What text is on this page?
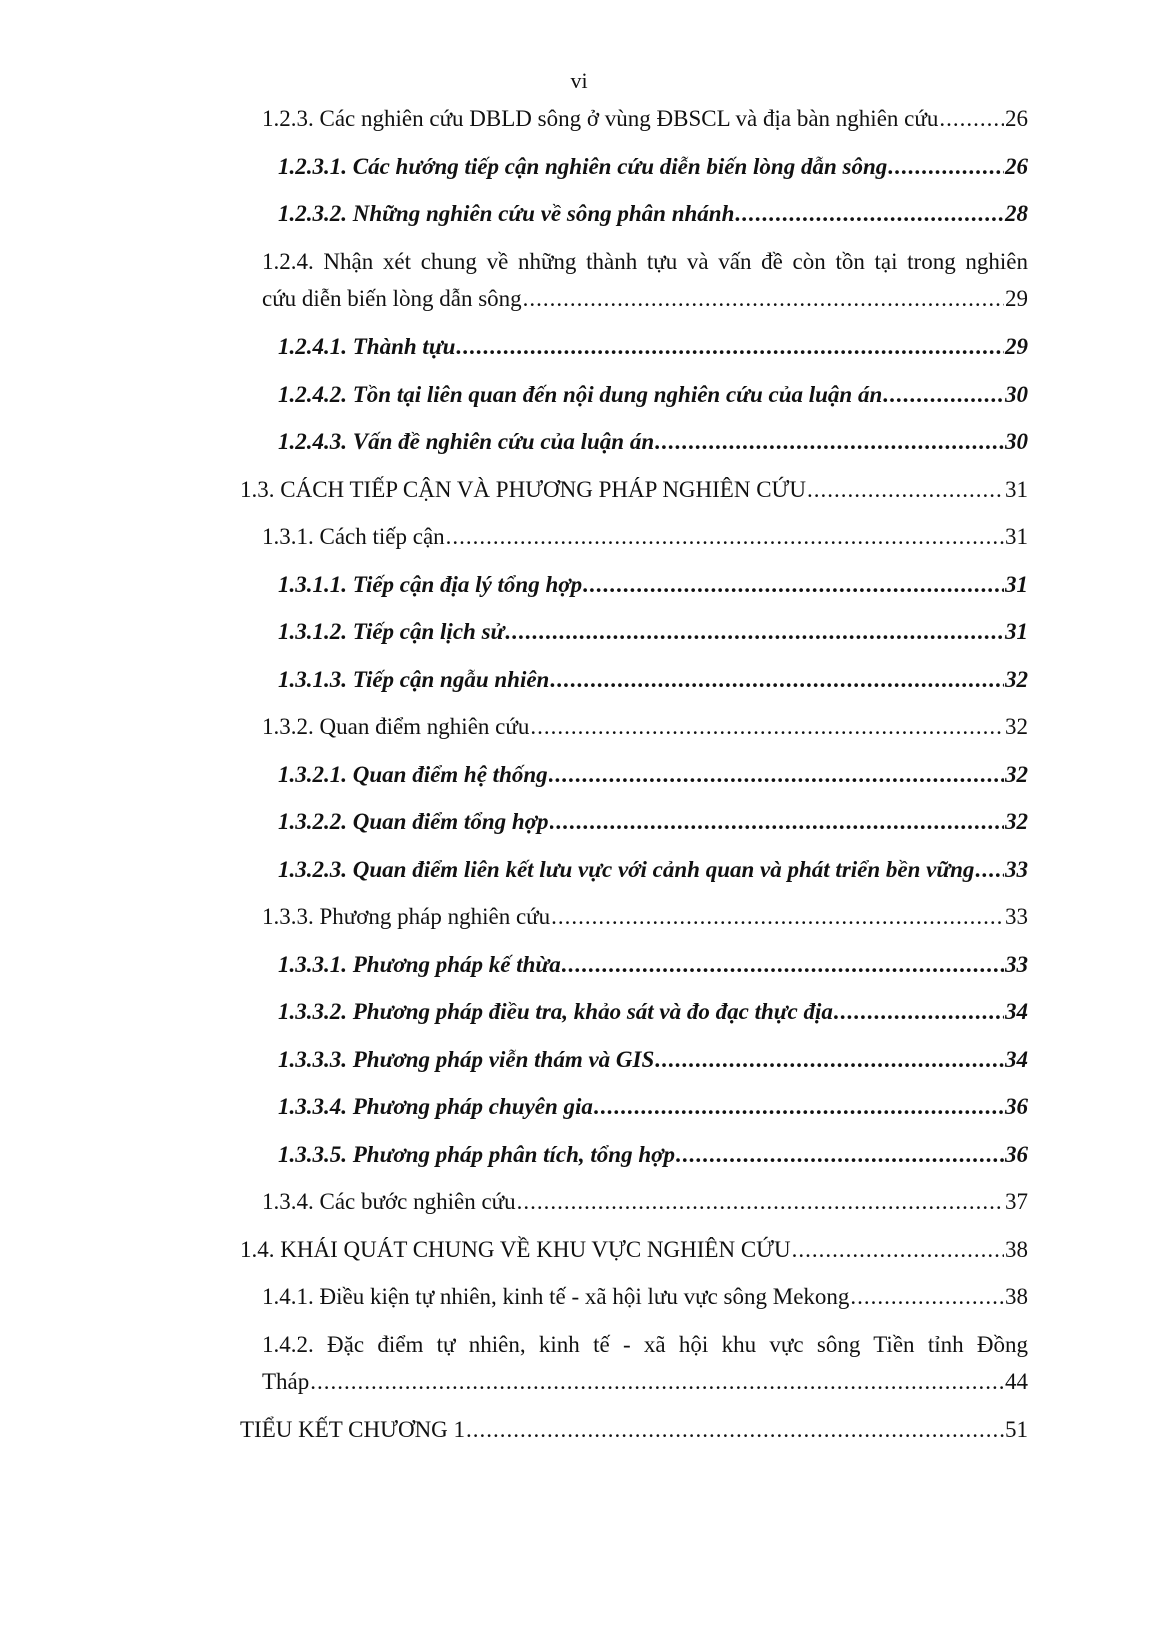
vi
1.2.3. Các nghiên cứu DBLD sông ở vùng ĐBSCL và địa bàn nghiên cứu .....	26
1.2.3.1. Các hướng tiếp cận nghiên cứu diễn biến lòng dẫn sông .....	26
1.2.3.2. Những nghiên cứu về sông phân nhánh .....	28
1.2.4. Nhận xét chung về những thành tựu và vấn đề còn tồn tại trong nghiên
cứu diễn biến lòng dẫn sông .....	29
1.2.4.1. Thành tựu .....	29
1.2.4.2. Tồn tại liên quan đến nội dung nghiên cứu của luận án .....	30
1.2.4.3. Vấn đề nghiên cứu của luận án .....	30
1.3. CÁCH TIẾP CẬN VÀ PHƯƠNG PHÁP NGHIÊN CỨU .....	31
1.3.1. Cách tiếp cận .....	31
1.3.1.1. Tiếp cận địa lý tổng hợp .....	31
1.3.1.2. Tiếp cận lịch sử .....	31
1.3.1.3. Tiếp cận ngẫu nhiên .....	32
1.3.2. Quan điểm nghiên cứu .....	32
1.3.2.1. Quan điểm hệ thống .....	32
1.3.2.2. Quan điểm tổng hợp .....	32
1.3.2.3. Quan điểm liên kết lưu vực với cảnh quan và phát triển bền vững ..... 33
1.3.3. Phương pháp nghiên cứu .....	33
1.3.3.1. Phương pháp kế thừa .....	33
1.3.3.2. Phương pháp điều tra, khảo sát và đo đạc thực địa .....	34
1.3.3.3. Phương pháp viễn thám và GIS .....	34
1.3.3.4. Phương pháp chuyên gia .....	36
1.3.3.5. Phương pháp phân tích, tổng hợp .....	36
1.3.4. Các bước nghiên cứu .....	37
1.4. KHÁI QUÁT CHUNG VỀ KHU VỰC NGHIÊN CỨU .....	38
1.4.1. Điều kiện tự nhiên, kinh tế - xã hội lưu vực sông Mekong .....	38
1.4.2. Đặc điểm tự nhiên, kinh tế - xã hội khu vực sông Tiền tỉnh Đồng
Tháp .....	44
TIỂU KẾT CHƯƠNG 1 .....	51
